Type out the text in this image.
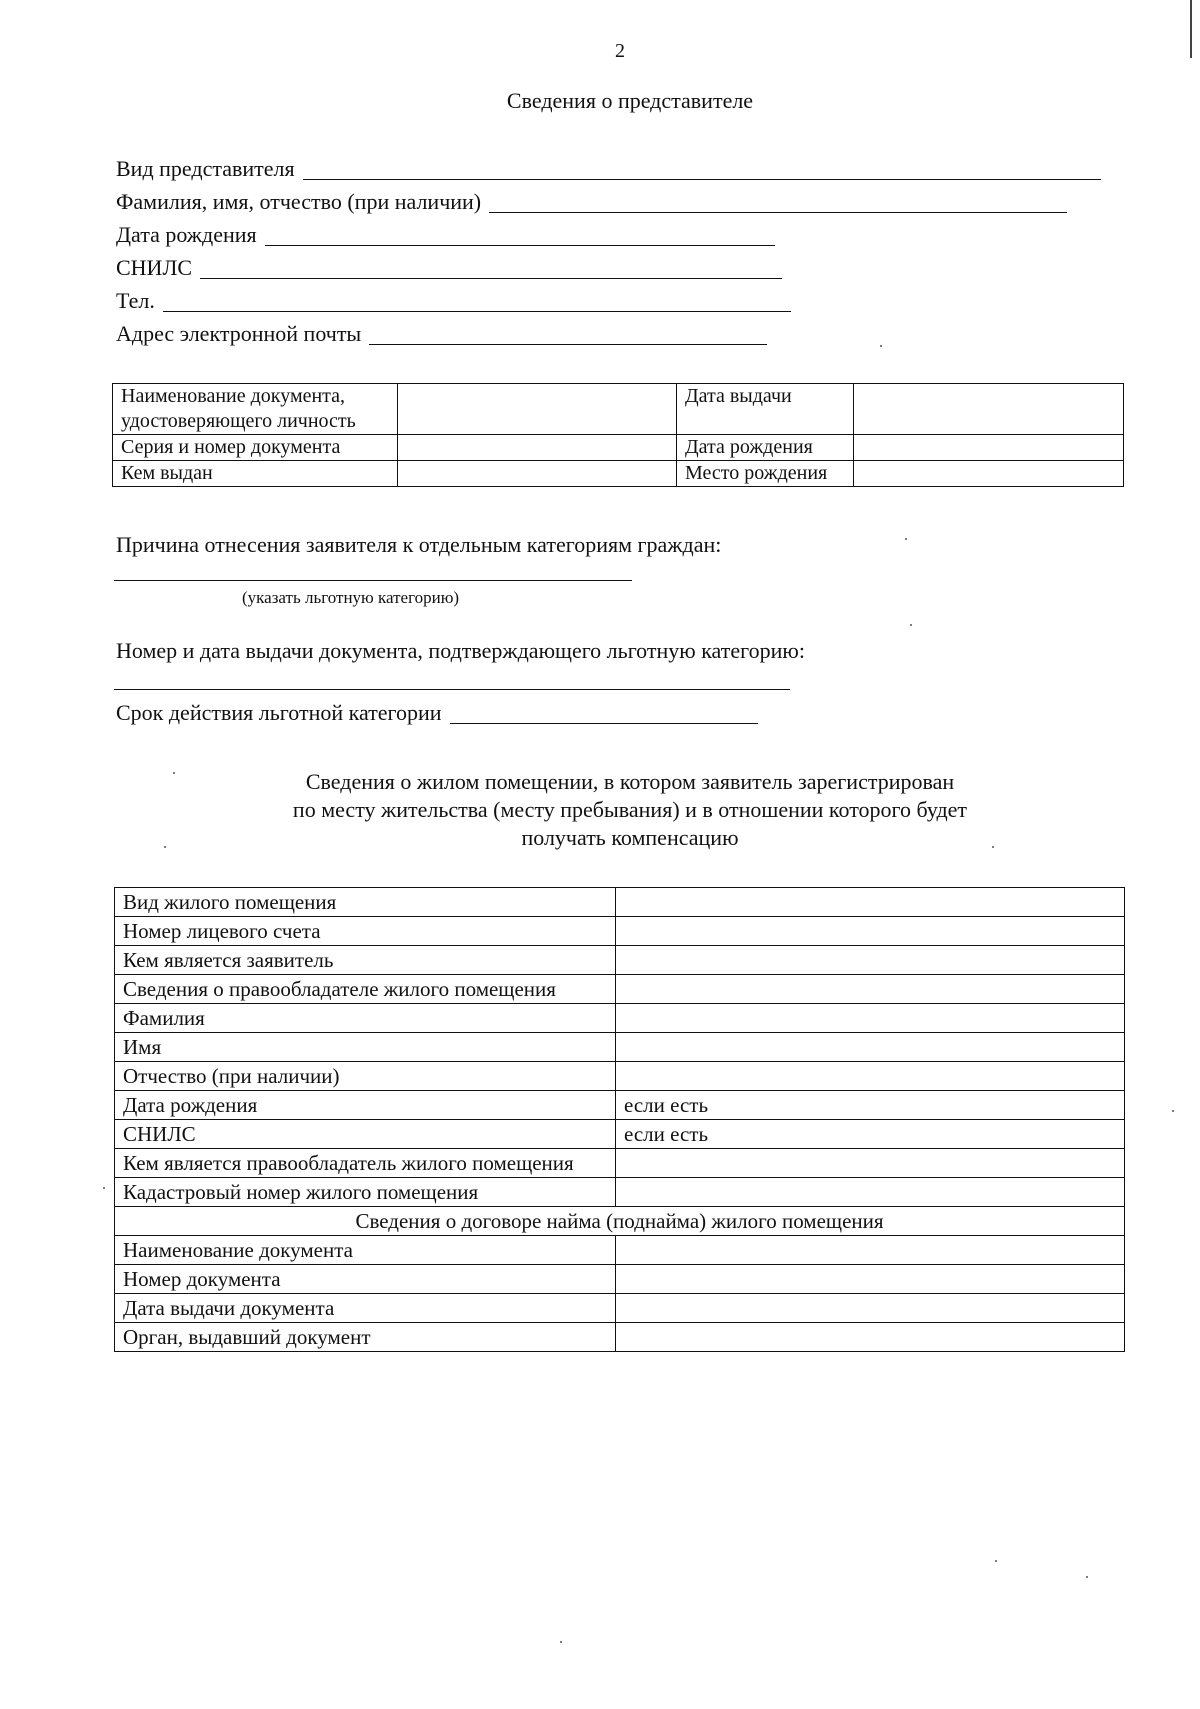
2
Сведения о представителе
Вид представителя
Фамилия, имя, отчество (при наличии)
Дата рождения
СНИЛС
Тел.
Адрес электронной почты
Наименование документа, удостоверяющего личность		Дата выдачи	
Серия и номер документа		Дата рождения	
Кем выдан		Место рождения	
Причина отнесения заявителя к отдельным категориям граждан:
(указать льготную категорию)
Номер и дата выдачи документа, подтверждающего льготную категорию:
Срок действия льготной категории
Сведения о жилом помещении, в котором заявитель зарегистрирован
по месту жительства (месту пребывания) и в отношении которого будет
получать компенсацию
Вид жилого помещения	
Номер лицевого счета	
Кем является заявитель	
Сведения о правообладателе жилого помещения	
Фамилия	
Имя	
Отчество (при наличии)	
Дата рождения	если есть
СНИЛС	если есть
Кем является правообладатель жилого помещения	
Кадастровый номер жилого помещения	
Сведения о договоре найма (поднайма) жилого помещения	
Наименование документа	
Номер документа	
Дата выдачи документа	
Орган, выдавший документ	
